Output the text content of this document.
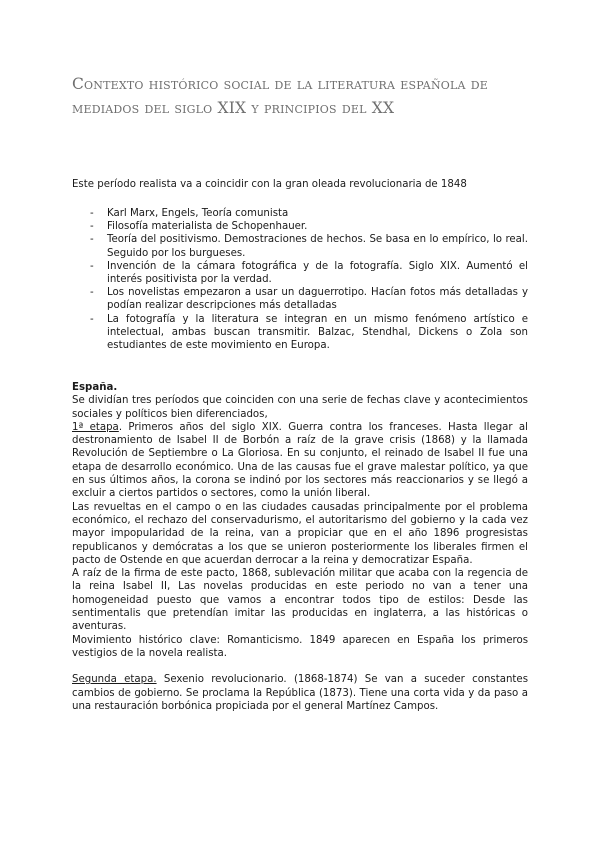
Contexto histórico social de la literatura española de mediados del siglo XIX y principios del XX
Este período realista va a coincidir con la gran oleada revolucionaria de 1848
- Karl Marx, Engels, Teoría comunista
- Filosofía materialista de Schopenhauer.
- Teoría del positivismo. Demostraciones de hechos. Se basa en lo empírico, lo real. Seguido por los burgueses.
- Invención de la cámara fotográfica y de la fotografía. Siglo XIX. Aumentó el interés positivista por la verdad.
- Los novelistas empezaron a usar un daguerrotipo. Hacían fotos más detalladas y podían realizar descripciones más detalladas
- La fotografía y la literatura se integran en un mismo fenómeno artístico e intelectual, ambas buscan transmitir. Balzac, Stendhal, Dickens o Zola son estudiantes de este movimiento en Europa.

España.

Se dividían tres períodos que coinciden con una serie de fechas clave y acontecimientos sociales y políticos bien diferenciados,

1ª etapa. Primeros años del siglo XIX. Guerra contra los franceses. Hasta llegar al destronamiento de Isabel II de Borbón a raíz de la grave crisis (1868) y la llamada Revolución de Septiembre o La Gloriosa. En su conjunto, el reinado de Isabel II fue una etapa de desarrollo económico. Una de las causas fue el grave malestar político, ya que en sus últimos años, la corona se indinó por los sectores más reaccionarios y se llegó a excluir a ciertos partidos o sectores, como la unión liberal.

Las revueltas en el campo o en las ciudades causadas principalmente por el problema económico, el rechazo del conservadurismo, el autoritarismo del gobierno y la cada vez mayor impopularidad de la reina, van a propiciar que en el año 1896 progresistas republicanos y demócratas a los que se unieron posteriormente los liberales firmen el pacto de Ostende en que acuerdan derrocar a la reina y democratizar España.

A raíz de la firma de este pacto, 1868, sublevación militar que acaba con la regencia de la reina Isabel II, Las novelas producidas en este periodo no van a tener una homogeneidad puesto que vamos a encontrar todos tipo de estilos: Desde las sentimentalis que pretendían imitar las producidas en inglaterra, a las históricas o aventuras.

Movimiento histórico clave: Romanticismo. 1849 aparecen en España los primeros vestigios de la novela realista.

Segunda etapa. Sexenio revolucionario. (1868-1874) Se van a suceder constantes cambios de gobierno. Se proclama la República (1873). Tiene una corta vida y da paso a una restauración borbónica propiciada por el general Martínez Campos.
